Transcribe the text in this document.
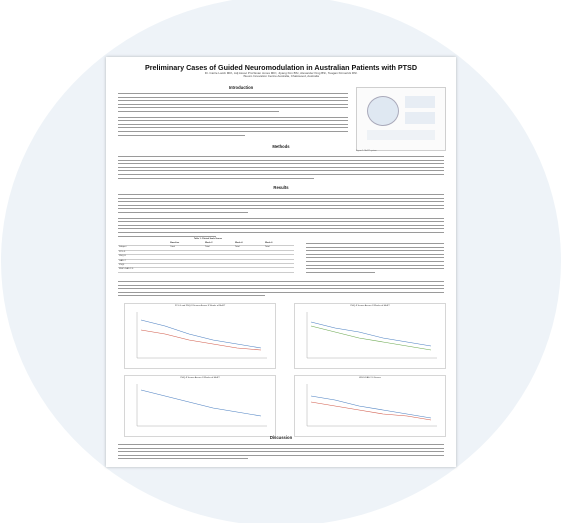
Preliminary Cases of Guided Neuromodulation in Australian Patients with PTSD
Dr. Carrie Lamb MD¹, Adj Assoc Prof Evan Jones MD¹, Jiyang Kim BS¹, Alexander King BS¹, Teagan Kirmerick RN¹
¹Neuro Innovation Centre Australia, Chatswood, Australia
Introduction
Figure 1: MeRT system
Methods
Results
Table 1: Clinical Scale Scores
	Baseline	Week 2	Week 4	Week 6
Subject	Total	Total	Total	Total
PCL-5				
PHQ-9				
GAD-7				
PSQI				
WHO-DAS 2.0				
PCL-5 and PHQ-9 Scores Across 8 Weeks of MeRT	PHQ-9 Scores Across 8 Weeks of MeRT
PHQ-9 Scores Across 8 Weeks of MeRT	WHO-DAS 2.0 Scores
Discussion
